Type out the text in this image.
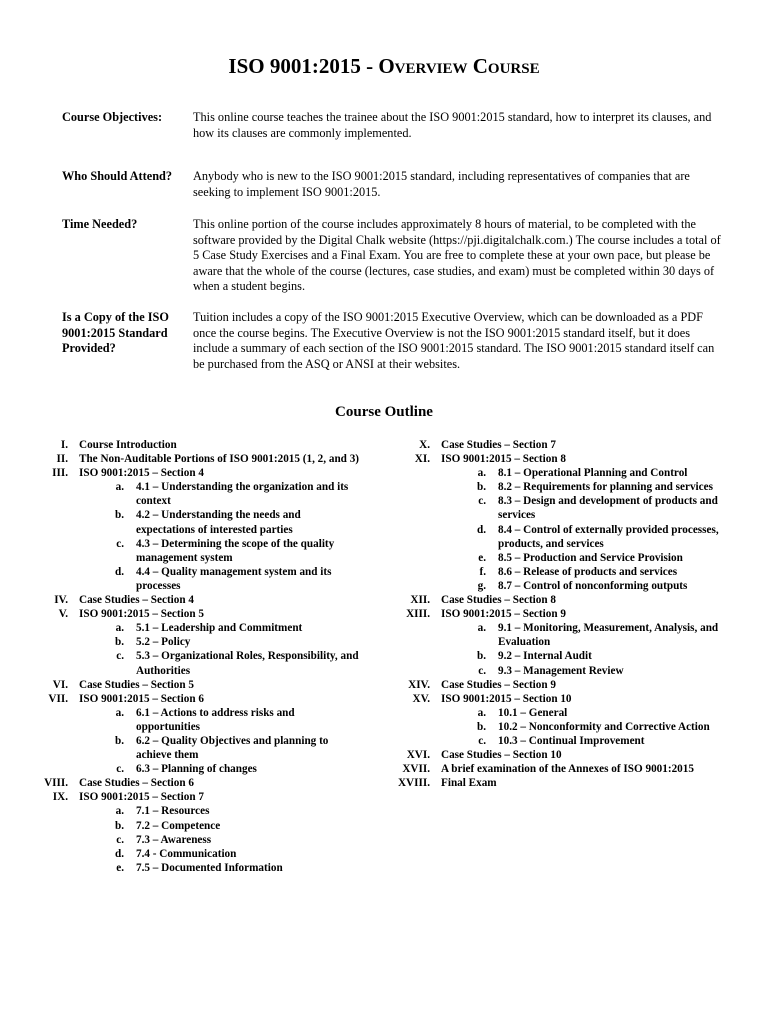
ISO 9001:2015 - Overview Course
Course Objectives:	This online course teaches the trainee about the ISO 9001:2015 standard, how to interpret its clauses, and how its clauses are commonly implemented.
Who Should Attend?	Anybody who is new to the ISO 9001:2015 standard, including representatives of companies that are seeking to implement ISO 9001:2015.
Time Needed?	This online portion of the course includes approximately 8 hours of material, to be completed with the software provided by the Digital Chalk website (https://pji.digitalchalk.com.) The course includes a total of 5 Case Study Exercises and a Final Exam. You are free to complete these at your own pace, but please be aware that the whole of the course (lectures, case studies, and exam) must be completed within 30 days of when a student begins.
Is a Copy of the ISO 9001:2015 Standard Provided?
Tuition includes a copy of the ISO 9001:2015 Executive Overview, which can be downloaded as a PDF once the course begins. The Executive Overview is not the ISO 9001:2015 standard itself, but it does include a summary of each section of the ISO 9001:2015 standard. The ISO 9001:2015 standard itself can be purchased from the ASQ or ANSI at their websites.
Course Outline
I. Course Introduction
II. The Non-Auditable Portions of ISO 9001:2015 (1, 2, and 3)
III. ISO 9001:2015 – Section 4
a.	4.1 – Understanding the organization and its context
b.	4.2 – Understanding the needs and expectations of interested parties
c.	4.3 – Determining the scope of the quality management system
d.	4.4 – Quality management system and its processes
IV. Case Studies – Section 4
V. ISO 9001:2015 – Section 5
a.	5.1 – Leadership and Commitment
b.	5.2 – Policy
c.	5.3 – Organizational Roles, Responsibility, and Authorities
VI. Case Studies – Section 5
VII. ISO 9001:2015 – Section 6
a.	6.1 – Actions to address risks and opportunities
b.	6.2 – Quality Objectives and planning to achieve them
c.	6.3 – Planning of changes
VIII. Case Studies – Section 6
IX. ISO 9001:2015 – Section 7
a.	7.1 – Resources
b.	7.2 – Competence
c.	7.3 – Awareness
d.	7.4 - Communication
e.	7.5 – Documented Information
X. Case Studies – Section 7
XI. ISO 9001:2015 – Section 8
a.	8.1 – Operational Planning and Control
b.	8.2 – Requirements for planning and services
c.	8.3 – Design and development of products and services
d.	8.4 – Control of externally provided processes, products, and services
e.	8.5 – Production and Service Provision
f.	8.6 – Release of products and services
g.	8.7 – Control of nonconforming outputs
XII. Case Studies – Section 8
XIII. ISO 9001:2015 – Section 9
a.	9.1 – Monitoring, Measurement, Analysis, and Evaluation
b.	9.2 – Internal Audit
c.	9.3 – Management Review
XIV. Case Studies – Section 9
XV. ISO 9001:2015 – Section 10
a.	10.1 – General
b.	10.2 – Nonconformity and Corrective Action
c.	10.3 – Continual Improvement
XVI. Case Studies – Section 10
XVII. A brief examination of the Annexes of ISO 9001:2015
XVIII. Final Exam
